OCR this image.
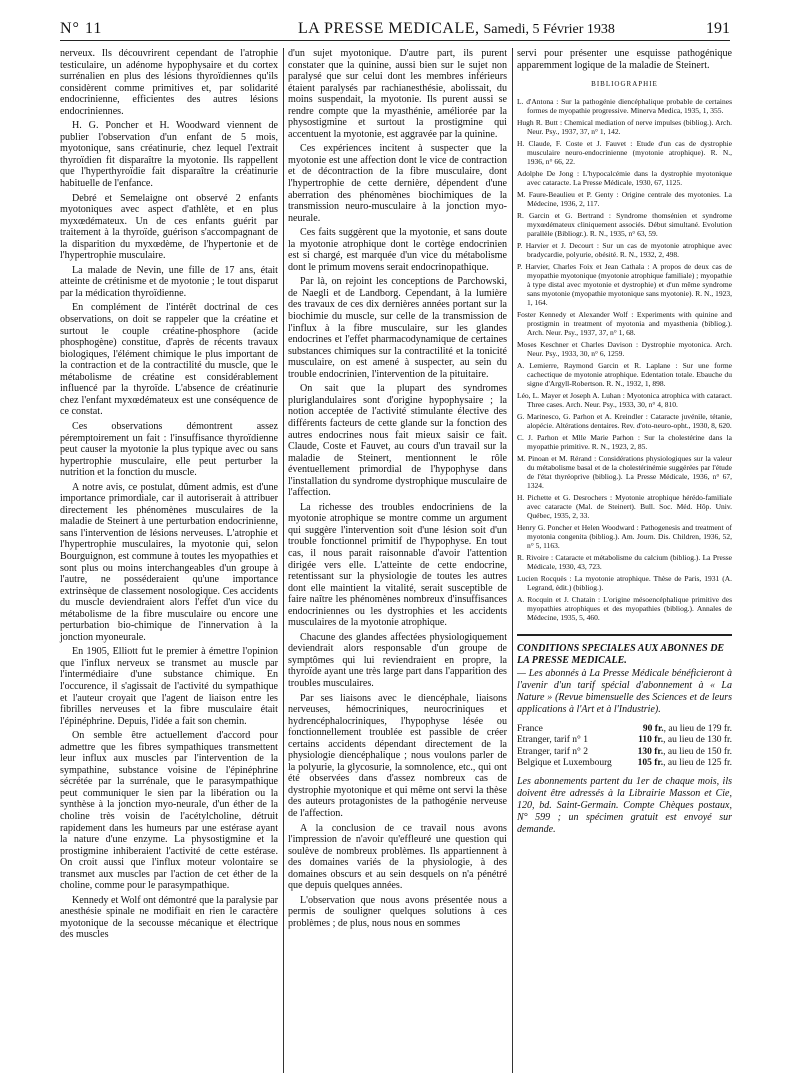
N° 11	LA PRESSE MEDICALE, Samedi, 5 Février 1938	191

nerveux. Ils découvrirent cependant de l'atrophie testiculaire, un adénome hypophysaire et du cortex surrénalien en plus des lésions thyroïdiennes qu'ils considèrent comme primitives et, par solidarité endocrinienne, efficientes des autres lésions endocriniennes.

H. G. Poncher et H. Woodward viennent de publier l'observation d'un enfant de 5 mois, myotonique, sans créatinurie, chez lequel l'extrait thyroïdien fit disparaître la myotonie. Ils rappellent que l'hyperthyroïdie fait disparaître la créatinurie habituelle de l'enfance.

Debré et Semelaigne ont observé 2 enfants myotoniques avec aspect d'athlète, et en plus myxœdémateux. Un de ces enfants guérit par traitement à la thyroïde, guérison s'accompagnant de la disparition du myxœdème, de l'hypertonie et de l'hypertrophie musculaire.

La malade de Nevin, une fille de 17 ans, était atteinte de crétinisme et de myotonie ; le tout disparut par la médication thyroïdienne.

En complément de l'intérêt doctrinal de ces observations, on doit se rappeler que la créatine et surtout le couple créatine-phosphore (acide phosphogène) constitue, d'après de récents travaux biologiques, l'élément chimique le plus important de la contraction et de la contractilité du muscle, que le métabolisme de créatine est considérablement influencé par la thyroïde. L'absence de créatinurie chez l'enfant myxœdémateux est une conséquence de ce constat.

Ces observations démontrent assez péremptoirement un fait : l'insuffisance thyroïdienne peut causer la myotonie la plus typique avec ou sans hypertrophie musculaire, elle peut perturber la nutrition et la fonction du muscle.

A notre avis, ce postulat, dûment admis, est d'une importance primordiale, car il autoriserait à attribuer directement les phénomènes musculaires de la maladie de Steinert à une perturbation endocrinienne, sans l'intervention de lésions nerveuses. L'atrophie et l'hypertrophie musculaires, la myotonie qui, selon Bourguignon, est commune à toutes les myopathies et sont plus ou moins interchangeables d'un groupe à l'autre, ne posséderaient qu'une importance extrinsèque de classement nosologique. Ces accidents du muscle deviendraient alors l'effet d'un vice du métabolisme de la fibre musculaire ou encore une perturbation bio-chimique de l'innervation à la jonction myoneurale.

En 1905, Elliott fut le premier à émettre l'opinion que l'influx nerveux se transmet au muscle par l'intermédiaire d'une substance chimique. En l'occurence, il s'agissait de l'activité du sympathique et l'auteur croyait que l'agent de liaison entre les fibrilles nerveuses et la fibre musculaire était l'épinéphrine. Depuis, l'idée a fait son chemin.

On semble être actuellement d'accord pour admettre que les fibres sympathiques transmettent leur influx aux muscles par l'intervention de la sympathine, substance voisine de l'épinéphrine sécrétée par la surrénale, que le parasympathique peut communiquer le sien par la libération ou la synthèse à la jonction myo-neurale, d'un éther de la choline très voisin de l'acétylcholine, détruit rapidement dans les humeurs par une estérase ayant la nature d'une enzyme. La physostigmine et la prostigmine inhiberaient l'activité de cette estérase. On croit aussi que l'influx moteur volontaire se transmet aux muscles par l'action de cet éther de la choline, comme pour le parasympathique.

Kennedy et Wolf ont démontré que la paralysie par anesthésie spinale ne modifiait en rien le caractère myotonique de la secousse mécanique et électrique des muscles

d'un sujet myotonique. D'autre part, ils purent constater que la quinine, aussi bien sur le sujet non paralysé que sur celui dont les membres inférieurs étaient paralysés par rachianesthésie, abolissait, du moins suspendait, la myotonie. Ils purent aussi se rendre compte que la myasthénie, améliorée par la physostigmine et surtout la prostigmine qui accentuent la myotonie, est aggravée par la quinine.

Ces expériences incitent à suspecter que la myotonie est une affection dont le vice de contraction et de décontraction de la fibre musculaire, dont l'hypertrophie de cette dernière, dépendent d'une aberration des phénomènes biochimiques de la transmission neuro-musculaire à la jonction myo-neurale.

Ces faits suggèrent que la myotonie, et sans doute la myotonie atrophique dont le cortège endocrinien est si chargé, est marquée d'un vice du métabolisme dont le primum movens serait endocrinopathique.

Par là, on rejoint les conceptions de Parchowski, de Naegli et de Landborg. Cependant, à la lumière des travaux de ces dix dernières années portant sur la biochimie du muscle, sur celle de la transmission de l'influx à la fibre musculaire, sur les glandes endocrines et l'effet pharmacodynamique de certaines substances chimiques sur la contractilité et la tonicité musculaire, on est amené à suspecter, au sein du trouble endocrinien, l'intervention de la pituitaire.

On sait que la plupart des syndromes pluriglandulaires sont d'origine hypophysaire ; la notion acceptée de l'activité stimulante élective des différents facteurs de cette glande sur la fonction des autres endocrines nous fait mieux saisir ce fait. Claude, Coste et Fauvet, au cours d'un travail sur la maladie de Steinert, mentionnent le rôle éventuellement primordial de l'hypophyse dans l'installation du syndrome dystrophique musculaire de l'affection.

La richesse des troubles endocriniens de la myotonie atrophique se montre comme un argument qui suggère l'intervention soit d'une lésion soit d'un trouble fonctionnel primitif de l'hypophyse. En tout cas, il nous parait raisonnable d'avoir l'attention dirigée vers elle. L'atteinte de cette endocrine, retentissant sur la physiologie de toutes les autres dont elle maintient la vitalité, serait susceptible de faire naître les phénomènes nombreux d'insuffisances endocriniennes ou les dystrophies et les accidents musculaires de la myotonie atrophique.

Chacune des glandes affectées physiologiquement deviendrait alors responsable d'un groupe de symptômes qui lui reviendraient en propre, la thyroïde ayant une très large part dans l'apparition des troubles musculaires.

Par ses liaisons avec le diencéphale, liaisons nerveuses, hémocriniques, neurocriniques et hydrencéphalocriniques, l'hypophyse lésée ou fonctionnellement troublée est passible de créer certains accidents dépendant directement de la physiologie diencéphalique ; nous voulons parler de la polyurie, la glycosurie, la somnolence, etc., qui ont été observées dans d'assez nombreux cas de dystrophie myotonique et qui même ont servi la thèse des auteurs protagonistes de la pathogénie nerveuse de l'affection.

A la conclusion de ce travail nous avons l'impression de n'avoir qu'effleuré une question qui soulève de nombreux problèmes. Ils appartiennent à des domaines variés de la physiologie, à des domaines obscurs et au sein desquels on n'a pénétré que depuis quelques années.

L'observation que nous avons présentée nous a permis de souligner quelques solutions à ces problèmes ; de plus, nous nous en sommes

servi pour présenter une esquisse pathogénique apparemment logique de la maladie de Steinert.

BIBLIOGRAPHIE
L. d'Antona : Sur la pathogénie diencéphalique probable de certaines formes de myopathie progressive. Minerva Medica, 1935, 1, 355.
Hugh R. Butt : Chemical mediation of nerve impulses (bibliog.). Arch. Neur. Psy., 1937, 37, n° 1, 142.
H. Claude, F. Coste et J. Fauvet : Etude d'un cas de dystrophie musculaire neuro-endocrinienne (myotonie atrophique). R. N., 1936, n° 66, 22.
Adolphe De Jong : L'hypocalcémie dans la dystrophie myotonique avec cataracte. La Presse Médicale, 1930, 67, 1125.
M. Faure-Beaulieu et P. Genty : Origine centrale des myotonies. La Médecine, 1936, 2, 117.
R. Garcin et G. Bertrand : Syndrome thomsénien et syndrome myxœdémateux cliniquement associés. Début simultané. Evolution parallèle (Bibliogr.). R. N., 1935, n° 63, 59.
P. Harvier et J. Decourt : Sur un cas de myotonie atrophique avec bradycardie, polyurie, obésité. R. N., 1932, 2, 498.
P. Harvier, Charles Foix et Jean Cathala : A propos de deux cas de myopathie myotonique (myotonie atrophique familiale) ; myopathie à type distal avec myotonie et dystrophie) et d'un même syndrome sans myotonie (myopathie myotonique sans myotonie). R. N., 1923, 1, 164.
Foster Kennedy et Alexander Wolf : Experiments with quinine and prostigmin in treatment of myotonia and myasthenia (bibliog.). Arch. Neur. Psy., 1937, 37, n° 1, 68.
Moses Keschner et Charles Davison : Dystrophie myotonica. Arch. Neur. Psy., 1933, 30, n° 6, 1259.
A. Lemierre, Raymond Garcin et R. Laplane : Sur une forme cachectique de myotonie atrophique. Edentation totale. Ebauche du signe d'Argyll-Robertson. R. N., 1932, 1, 898.
Léo, L. Mayer et Joseph A. Luhan : Myotonica atrophica with cataract. Three cases. Arch. Neur. Psy., 1933, 30, n° 4, 810.
G. Marinesco, G. Parhon et A. Kreindler : Cataracte juvénile, tétanie, alopécie. Altérations dentaires. Rev. d'oto-neuro-opht., 1930, 8, 620.
C. J. Parhon et Mlle Marie Parhon : Sur la cholestérine dans la myopathie primitive. R. N., 1923, 2, 85.
M. Pinoan et M. Rérand : Considérations physiologiques sur la valeur du métabolisme basal et de la cholestérinémie suggérées par l'étude de l'état thyréoprive (bibliog.). La Presse Médicale, 1936, n° 67, 1324.
H. Pichette et G. Desrochers : Myotonie atrophique hérédo-familiale avec cataracte (Mal. de Steinert). Bull. Soc. Méd. Hôp. Univ. Québec, 1935, 2, 33.
Henry G. Poncher et Helen Woodward : Pathogenesis and treatment of myotonia congenita (bibliog.). Am. Journ. Dis. Children, 1936, 52, n° 5, 1163.
R. Rivoire : Cataracte et métabolisme du calcium (bibliog.). La Presse Médicale, 1930, 43, 723.
Lucien Rocquès : La myotonie atrophique. Thèse de Paris, 1931 (A. Legrand, édit.) (bibliog.).
A. Rocquin et J. Chatain : L'origine mésoencéphalique primitive des myopathies atrophiques et des myopathies (bibliog.). Annales de Médecine, 1935, 5, 460.
CONDITIONS SPECIALES AUX ABONNES DE LA PRESSE MEDICALE.
— Les abonnés à La Presse Médicale bénéficieront à l'avenir d'un tarif spécial d'abonnement à « La Nature » (Revue bimensuelle des Sciences et de leurs applications à l'Art et à l'Industrie).
France	90 fr., au lieu de 1?9 fr.
Etranger, tarif n° 1	110 fr., au lieu de 130 fr.
Etranger, tarif n° 2	130 fr., au lieu de 150 fr.
Belgique et Luxembourg	105 fr., au lieu de 125 fr.
Les abonnements partent du 1er de chaque mois, ils doivent être adressés à la Librairie Masson et Cie, 120, bd. Saint-Germain. Compte Chèques postaux, N° 599 ; un spécimen gratuit est envoyé sur demande.
